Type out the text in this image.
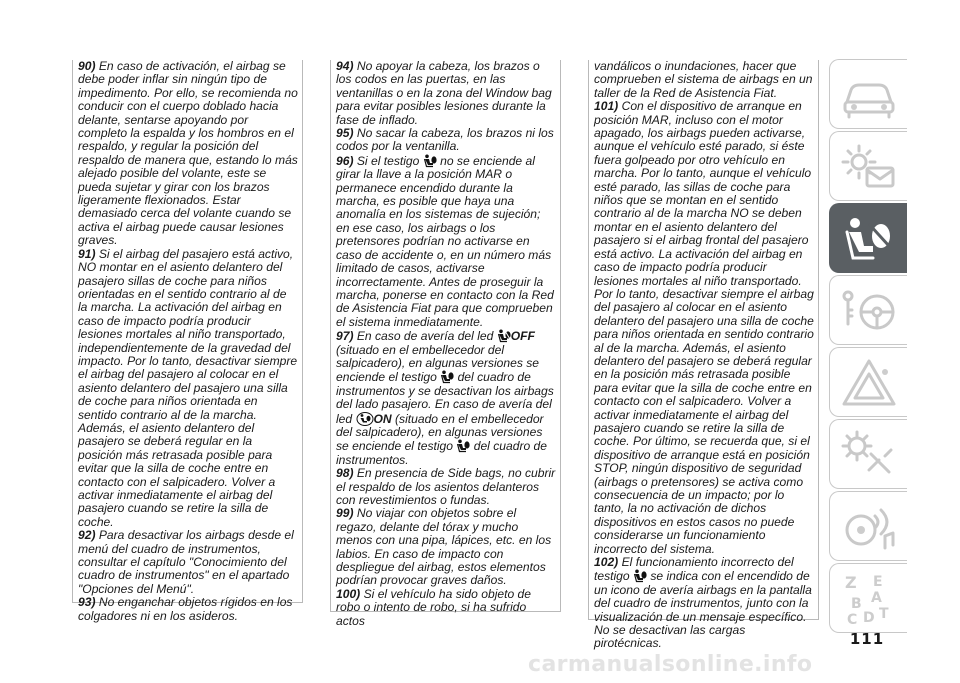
90) En caso de activación, el airbag se debe poder inflar sin ningún tipo de impedimento. Por ello, se recomienda no conducir con el cuerpo doblado hacia delante, sentarse apoyando por completo la espalda y los hombros en el respaldo, y regular la posición del respaldo de manera que, estando lo más alejado posible del volante, este se pueda sujetar y girar con los brazos ligeramente flexionados. Estar demasiado cerca del volante cuando se activa el airbag puede causar lesiones graves.

91) Si el airbag del pasajero está activo, NO montar en el asiento delantero del pasajero sillas de coche para niños orientadas en el sentido contrario al de la marcha. La activación del airbag en caso de impacto podría producir lesiones mortales al niño transportado, independientemente de la gravedad del impacto. Por lo tanto, desactivar siempre el airbag del pasajero al colocar en el asiento delantero del pasajero una silla de coche para niños orientada en sentido contrario al de la marcha. Además, el asiento delantero del pasajero se deberá regular en la posición más retrasada posible para evitar que la silla de coche entre en contacto con el salpicadero. Volver a activar inmediatamente el airbag del pasajero cuando se retire la silla de coche.

92) Para desactivar los airbags desde el menú del cuadro de instrumentos, consultar el capítulo "Conocimiento del cuadro de instrumentos" en el apartado "Opciones del Menú".

93) No enganchar objetos rígidos en los colgadores ni en los asideros.

94) No apoyar la cabeza, los brazos o los codos en las puertas, en las ventanillas o en la zona del Window bag para evitar posibles lesiones durante la fase de inflado.

95) No sacar la cabeza, los brazos ni los codos por la ventanilla.

96) Si el testigo
no se enciende al girar la llave a la posición MAR o permanece encendido durante la marcha, es posible que haya una anomalía en los sistemas de sujeción; en ese caso, los airbags o los pretensores podrían no activarse en caso de accidente o, en un número más limitado de casos, activarse incorrectamente. Antes de proseguir la marcha, ponerse en contacto con la Red de Asistencia Fiat para que comprueben el sistema inmediatamente.

97) En caso de avería del led
OFF (situado en el embellecedor del salpicadero), en algunas versiones se enciende el testigo
del cuadro de instrumentos y se desactivan los airbags del lado pasajero. En caso de avería del led
ON (situado en el embellecedor del salpicadero), en algunas versiones se enciende el testigo
del cuadro de instrumentos.

98) En presencia de Side bags, no cubrir el respaldo de los asientos delanteros con revestimientos o fundas.

99) No viajar con objetos sobre el regazo, delante del tórax y mucho menos con una pipa, lápices, etc. en los labios. En caso de impacto con despliegue del airbag, estos elementos podrían provocar graves daños.

100) Si el vehículo ha sido objeto de robo o intento de robo, si ha sufrido actos

vandálicos o inundaciones, hacer que comprueben el sistema de airbags en un taller de la Red de Asistencia Fiat.

101) Con el dispositivo de arranque en posición MAR, incluso con el motor apagado, los airbags pueden activarse, aunque el vehículo esté parado, si éste fuera golpeado por otro vehículo en marcha. Por lo tanto, aunque el vehículo esté parado, las sillas de coche para niños que se montan en el sentido contrario al de la marcha NO se deben montar en el asiento delantero del pasajero si el airbag frontal del pasajero está activo. La activación del airbag en caso de impacto podría producir lesiones mortales al niño transportado. Por lo tanto, desactivar siempre el airbag del pasajero al colocar en el asiento delantero del pasajero una silla de coche para niños orientada en sentido contrario al de la marcha. Además, el asiento delantero del pasajero se deberá regular en la posición más retrasada posible para evitar que la silla de coche entre en contacto con el salpicadero. Volver a activar inmediatamente el airbag del pasajero cuando se retire la silla de coche. Por último, se recuerda que, si el dispositivo de arranque está en posición STOP, ningún dispositivo de seguridad (airbags o pretensores) se activa como consecuencia de un impacto; por lo tanto, la no activación de dichos dispositivos en estos casos no puede considerarse un funcionamiento incorrecto del sistema.

102) El funcionamiento incorrecto del testigo
se indica con el encendido de un icono de avería airbags en la pantalla del cuadro de instrumentos, junto con la visualización de un mensaje específico. No se desactivan las cargas pirotécnicas.

Z E
B A
C D T
111
carmanualsonline.info
